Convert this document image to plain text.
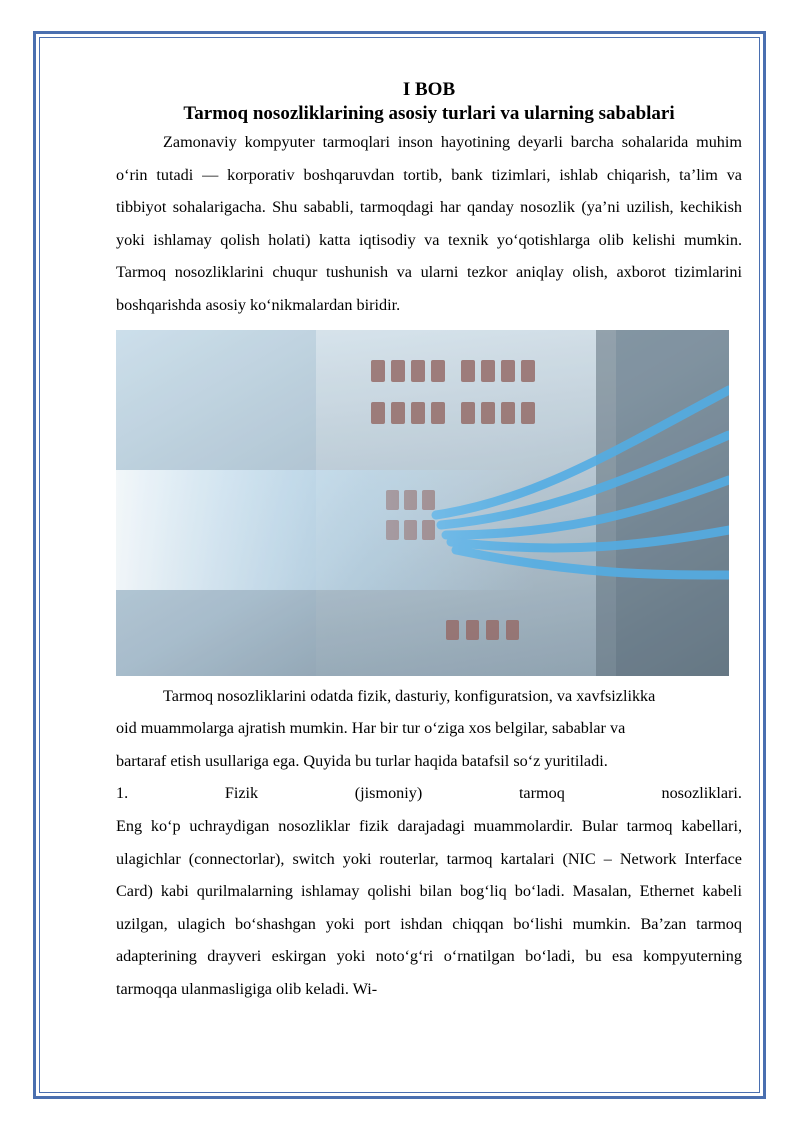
I BOB

Tarmoq nosozliklarining asosiy turlari va ularning sabablari

Zamonaviy kompyuter tarmoqlari inson hayotining deyarli barcha sohalarida muhim o‘rin tutadi — korporativ boshqaruvdan tortib, bank tizimlari, ishlab chiqarish, ta’lim va tibbiyot sohalarigacha. Shu sababli, tarmoqdagi har qanday nosozlik (ya’ni uzilish, kechikish yoki ishlamay qolish holati) katta iqtisodiy va texnik yo‘qotishlarga olib kelishi mumkin. Tarmoq nosozliklarini chuqur tushunish va ularni tezkor aniqlay olish, axborot tizimlarini boshqarishda asosiy ko‘nikmalardan biridir.

Tarmoq nosozliklarini odatda fizik, dasturiy, konfiguratsion, va xavfsizlikka

oid muammolarga ajratish mumkin. Har bir tur o‘ziga xos belgilar, sabablar va

bartaraf etish usullariga ega. Quyida bu turlar haqida batafsil so‘z yuritiladi.

1.	Fizik	(jismoniy)	tarmoq	nosozliklari.

Eng ko‘p uchraydigan nosozliklar fizik darajadagi muammolardir. Bular tarmoq kabellari, ulagichlar (connectorlar), switch yoki routerlar, tarmoq kartalari (NIC – Network Interface Card) kabi qurilmalarning ishlamay qolishi bilan bog‘liq bo‘ladi. Masalan, Ethernet kabeli uzilgan, ulagich bo‘shashgan yoki port ishdan chiqqan bo‘lishi mumkin. Ba’zan tarmoq adapterining drayveri eskirgan yoki noto‘g‘ri o‘rnatilgan bo‘ladi, bu esa kompyuterning tarmoqqa ulanmasligiga olib keladi. Wi-
